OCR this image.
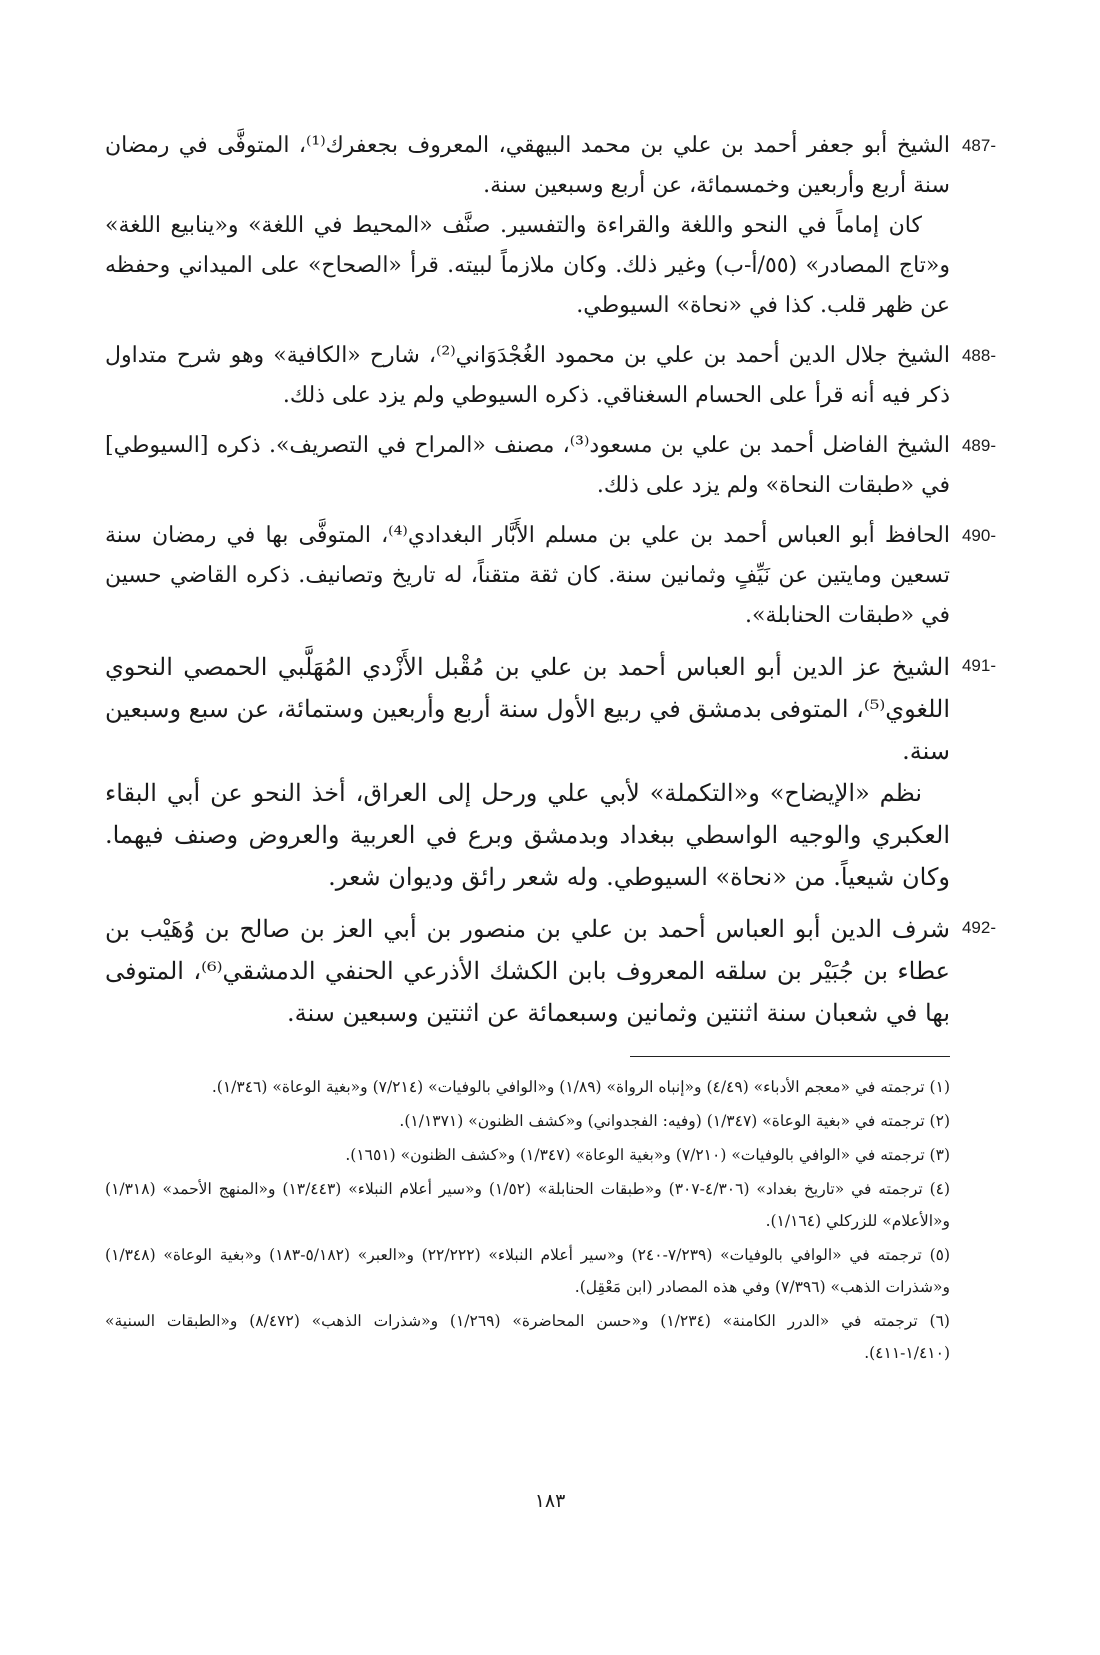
487-

الشيخ أبو جعفر أحمد بن علي بن محمد البيهقي، المعروف بجعفرك⁽¹⁾، المتوفَّى في رمضان سنة أربع وأربعين وخمسمائة، عن أربع وسبعين سنة.

كان إماماً في النحو واللغة والقراءة والتفسير. صنَّف «المحيط في اللغة» و«ينابيع اللغة» و«تاج المصادر» (٥٥/أ-ب) وغير ذلك. وكان ملازماً لبيته. قرأ «الصحاح» على الميداني وحفظه عن ظهر قلب. كذا في «نحاة» السيوطي.

488-

الشيخ جلال الدين أحمد بن علي بن محمود الغُجْدَوَاني⁽²⁾، شارح «الكافية» وهو شرح متداول ذكر فيه أنه قرأ على الحسام السغناقي. ذكره السيوطي ولم يزد على ذلك.

489-

الشيخ الفاضل أحمد بن علي بن مسعود⁽³⁾، مصنف «المراح في التصريف». ذكره [السيوطي] في «طبقات النحاة» ولم يزد على ذلك.

490-

الحافظ أبو العباس أحمد بن علي بن مسلم الأَبَّار البغدادي⁽⁴⁾، المتوفَّى بها في رمضان سنة تسعين ومايتين عن نَيِّفٍ وثمانين سنة. كان ثقة متقناً، له تاريخ وتصانيف. ذكره القاضي حسين في «طبقات الحنابلة».

491-

الشيخ عز الدين أبو العباس أحمد بن علي بن مُقْبل الأَزْدي المُهَلَّبي الحمصي النحوي اللغوي⁽⁵⁾، المتوفى بدمشق في ربيع الأول سنة أربع وأربعين وستمائة، عن سبع وسبعين سنة.

نظم «الإيضاح» و«التكملة» لأبي علي ورحل إلى العراق، أخذ النحو عن أبي البقاء العكبري والوجيه الواسطي ببغداد وبدمشق وبرع في العربية والعروض وصنف فيهما. وكان شيعياً. من «نحاة» السيوطي. وله شعر رائق وديوان شعر.

492-

شرف الدين أبو العباس أحمد بن علي بن منصور بن أبي العز بن صالح بن وُهَيْب بن عطاء بن جُبَيْر بن سلقه المعروف بابن الكشك الأذرعي الحنفي الدمشقي⁽⁶⁾، المتوفى بها في شعبان سنة اثنتين وثمانين وسبعمائة عن اثنتين وسبعين سنة.

(١) ترجمته في «معجم الأدباء» (٤/٤٩) و«إنباه الرواة» (١/٨٩) و«الوافي بالوفيات» (٧/٢١٤) و«بغية الوعاة» (١/٣٤٦).

(٢) ترجمته في «بغية الوعاة» (١/٣٤٧) (وفيه: الفجدواني) و«كشف الظنون» (١/١٣٧١).

(٣) ترجمته في «الوافي بالوفيات» (٧/٢١٠) و«بغية الوعاة» (١/٣٤٧) و«كشف الظنون» (١٦٥١).

(٤) ترجمته في «تاريخ بغداد» (٤/٣٠٦-٣٠٧) و«طبقات الحنابلة» (١/٥٢) و«سير أعلام النبلاء» (١٣/٤٤٣) و«المنهج الأحمد» (١/٣١٨) و«الأعلام» للزركلي (١/١٦٤).

(٥) ترجمته في «الوافي بالوفيات» (٧/٢٣٩-٢٤٠) و«سير أعلام النبلاء» (٢٢/٢٢٢) و«العبر» (٥/١٨٢-١٨٣) و«بغية الوعاة» (١/٣٤٨) و«شذرات الذهب» (٧/٣٩٦) وفي هذه المصادر (ابن مَعْقِل).

(٦) ترجمته في «الدرر الكامنة» (١/٢٣٤) و«حسن المحاضرة» (١/٢٦٩) و«شذرات الذهب» (٨/٤٧٢) و«الطبقات السنية» (١/٤١٠-٤١١).

١٨٣
